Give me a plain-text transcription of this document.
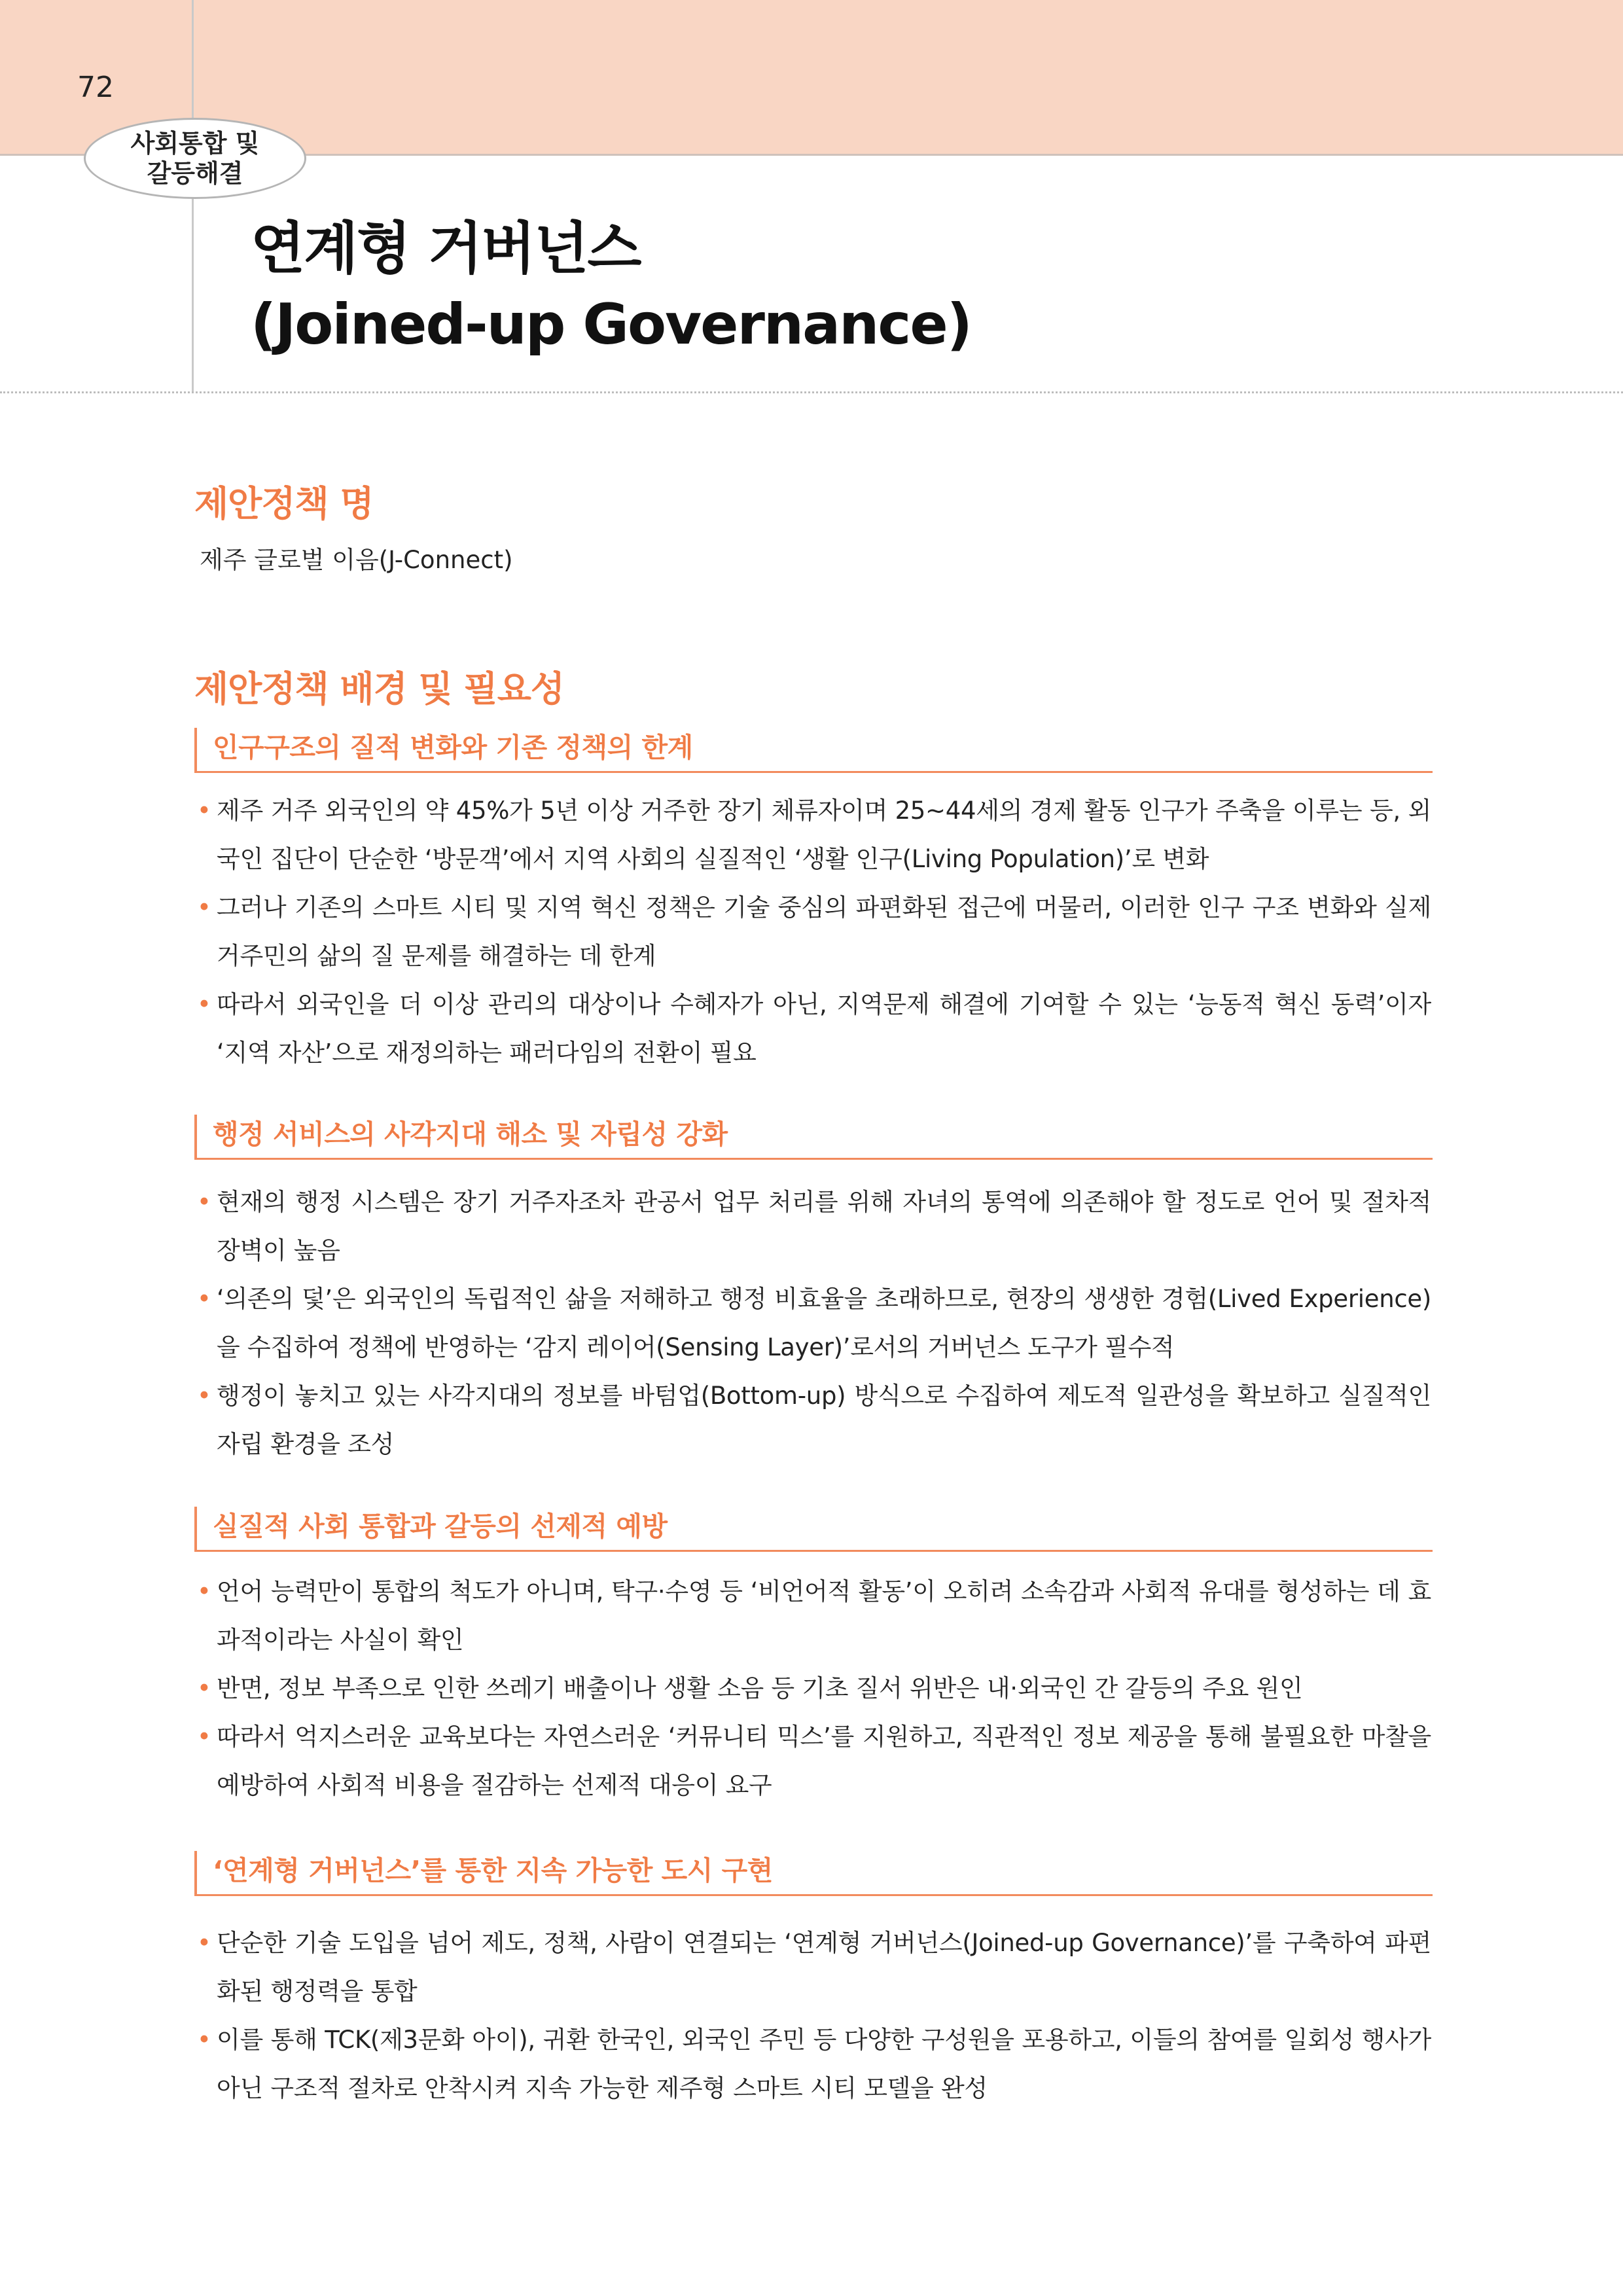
72
사회통합 및
갈등해결
연계형 거버넌스
(Joined-up Governance)
제안정책 명
제주 글로벌 이음(J-Connect)
제안정책 배경 및 필요성
인구구조의 질적 변화와 기존 정책의 한계
• 제주 거주 외국인의 약 45%가 5년 이상 거주한 장기 체류자이며 25~44세의 경제 활동 인구가 주축을 이루는 등, 외국인 집단이 단순한 ‘방문객’에서 지역 사회의 실질적인 ‘생활 인구(Living Population)’로 변화
• 그러나 기존의 스마트 시티 및 지역 혁신 정책은 기술 중심의 파편화된 접근에 머물러, 이러한 인구 구조 변화와 실제 거주민의 삶의 질 문제를 해결하는 데 한계
• 따라서 외국인을 더 이상 관리의 대상이나 수혜자가 아닌, 지역문제 해결에 기여할 수 있는 ‘능동적 혁신 동력’이자 ‘지역 자산’으로 재정의하는 패러다임의 전환이 필요
행정 서비스의 사각지대 해소 및 자립성 강화
• 현재의 행정 시스템은 장기 거주자조차 관공서 업무 처리를 위해 자녀의 통역에 의존해야 할 정도로 언어 및 절차적 장벽이 높음
• ‘의존의 덫’은 외국인의 독립적인 삶을 저해하고 행정 비효율을 초래하므로, 현장의 생생한 경험(Lived Experience)을 수집하여 정책에 반영하는 ‘감지 레이어(Sensing Layer)’로서의 거버넌스 도구가 필수적
• 행정이 놓치고 있는 사각지대의 정보를 바텀업(Bottom-up) 방식으로 수집하여 제도적 일관성을 확보하고 실질적인 자립 환경을 조성
실질적 사회 통합과 갈등의 선제적 예방
• 언어 능력만이 통합의 척도가 아니며, 탁구·수영 등 ‘비언어적 활동’이 오히려 소속감과 사회적 유대를 형성하는 데 효과적이라는 사실이 확인
• 반면, 정보 부족으로 인한 쓰레기 배출이나 생활 소음 등 기초 질서 위반은 내·외국인 간 갈등의 주요 원인
• 따라서 억지스러운 교육보다는 자연스러운 ‘커뮤니티 믹스’를 지원하고, 직관적인 정보 제공을 통해 불필요한 마찰을 예방하여 사회적 비용을 절감하는 선제적 대응이 요구
‘연계형 거버넌스’를 통한 지속 가능한 도시 구현
• 단순한 기술 도입을 넘어 제도, 정책, 사람이 연결되는 ‘연계형 거버넌스(Joined-up Governance)’를 구축하여 파편화된 행정력을 통합
• 이를 통해 TCK(제3문화 아이), 귀환 한국인, 외국인 주민 등 다양한 구성원을 포용하고, 이들의 참여를 일회성 행사가 아닌 구조적 절차로 안착시켜 지속 가능한 제주형 스마트 시티 모델을 완성
